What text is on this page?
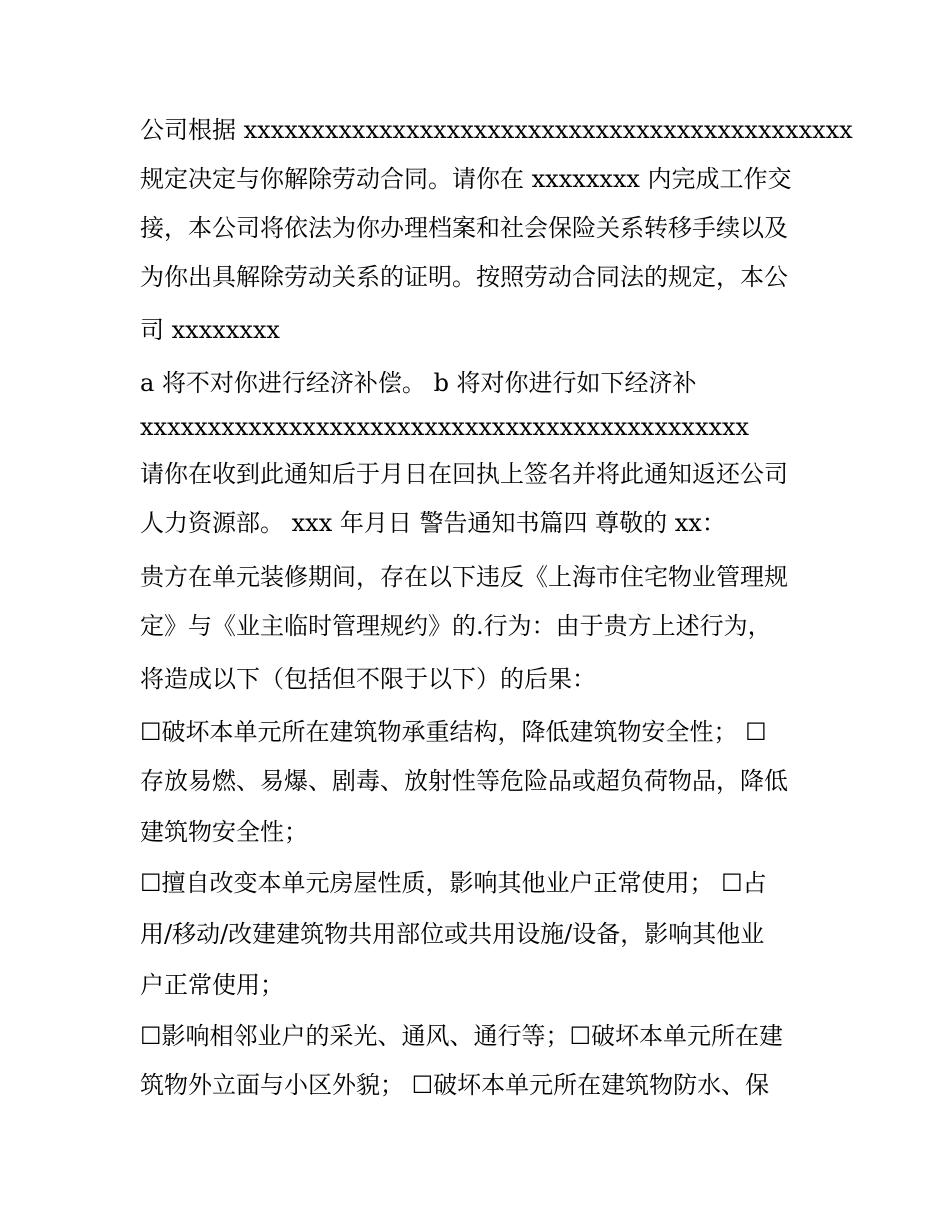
公司根据 xxxxxxxxxxxxxxxxxxxxxxxxxxxxxxxxxxxxxxxxxxxxx
规定决定与你解除劳动合同。请你在 xxxxxxxx 内完成工作交
接，本公司将依法为你办理档案和社会保险关系转移手续以及
为你出具解除劳动关系的证明。按照劳动合同法的规定，本公
司 xxxxxxxx
a 将不对你进行经济补偿。 b 将对你进行如下经济补
xxxxxxxxxxxxxxxxxxxxxxxxxxxxxxxxxxxxxxxxxxxxx
请你在收到此通知后于月日在回执上签名并将此通知返还公司
人力资源部。 xxx 年月日 警告通知书篇四 尊敬的 xx：
贵方在单元装修期间，存在以下违反《上海市住宅物业管理规
定》与《业主临时管理规约》的.行为：由于贵方上述行为，
将造成以下（包括但不限于以下）的后果：
☐破坏本单元所在建筑物承重结构，降低建筑物安全性； ☐
存放易燃、易爆、剧毒、放射性等危险品或超负荷物品，降低
建筑物安全性；
☐擅自改变本单元房屋性质，影响其他业户正常使用； ☐占
用/移动/改建建筑物共用部位或共用设施/设备，影响其他业
户正常使用；
☐影响相邻业户的采光、通风、通行等；☐破坏本单元所在建
筑物外立面与小区外貌； ☐破坏本单元所在建筑物防水、保
